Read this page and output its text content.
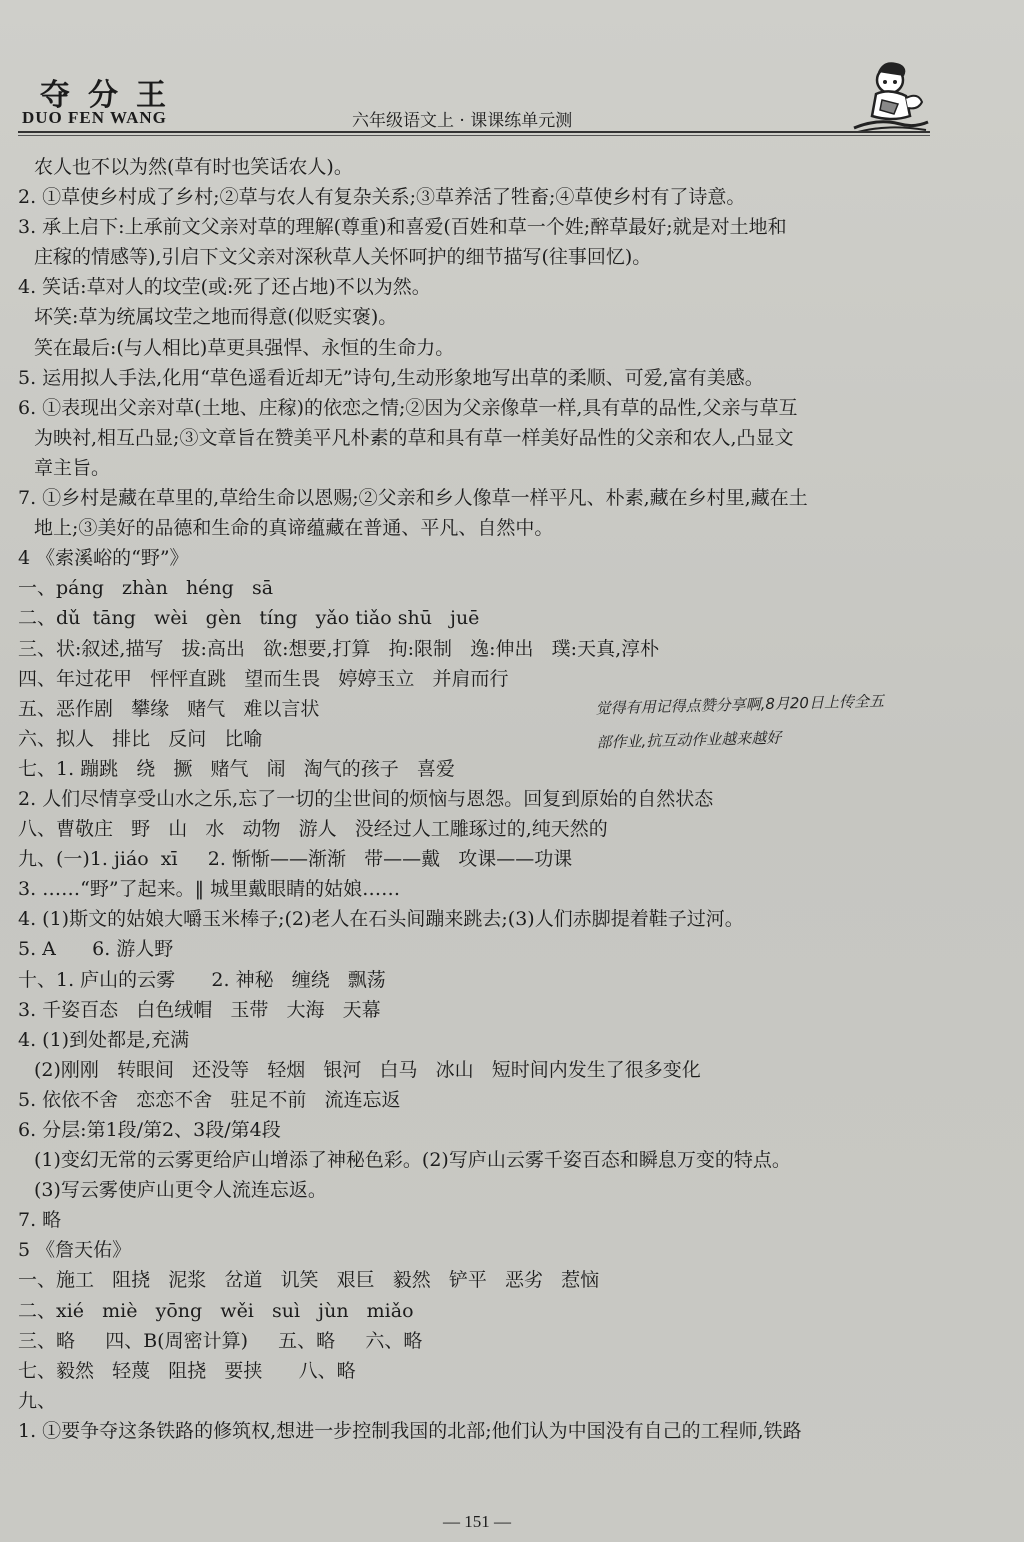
夺分王
DUO FEN WANG	六年级语文上 · 课课练单元测
农人也不以为然(草有时也笑话农人)。
2. ①草使乡村成了乡村;②草与农人有复杂关系;③草养活了牲畜;④草使乡村有了诗意。
3. 承上启下:上承前文父亲对草的理解(尊重)和喜爱(百姓和草一个姓;醉草最好;就是对土地和
庄稼的情感等),引启下文父亲对深秋草人关怀呵护的细节描写(往事回忆)。
4. 笑话:草对人的坟茔(或:死了还占地)不以为然。
坏笑:草为统属坟茔之地而得意(似贬实褒)。
笑在最后:(与人相比)草更具强悍、永恒的生命力。
5. 运用拟人手法,化用“草色遥看近却无”诗句,生动形象地写出草的柔顺、可爱,富有美感。
6. ①表现出父亲对草(土地、庄稼)的依恋之情;②因为父亲像草一样,具有草的品性,父亲与草互
为映衬,相互凸显;③文章旨在赞美平凡朴素的草和具有草一样美好品性的父亲和农人,凸显文
章主旨。
7. ①乡村是藏在草里的,草给生命以恩赐;②父亲和乡人像草一样平凡、朴素,藏在乡村里,藏在土
地上;③美好的品德和生命的真谛蕴藏在普通、平凡、自然中。
4 《索溪峪的“野”》
一、páng   zhàn   héng   sā
二、dǔ  tāng   wèi   gèn   tíng   yǎo tiǎo shū   juē
三、状:叙述,描写   拔:高出   欲:想要,打算   拘:限制   逸:伸出   璞:天真,淳朴
四、年过花甲   怦怦直跳   望而生畏   婷婷玉立   并肩而行
五、恶作剧   攀缘   赌气   难以言状
六、拟人   排比   反问   比喻
七、1. 蹦跳   绕   撅   赌气   闹   淘气的孩子   喜爱
2. 人们尽情享受山水之乐,忘了一切的尘世间的烦恼与恩怨。回复到原始的自然状态
八、曹敬庄   野   山   水   动物   游人   没经过人工雕琢过的,纯天然的
九、(一)1. jiáo  xī     2. 惭惭——渐渐   带——戴   攻课——功课
3. ……“野”了起来。‖ 城里戴眼睛的姑娘……
4. (1)斯文的姑娘大嚼玉米棒子;(2)老人在石头间蹦来跳去;(3)人们赤脚提着鞋子过河。
5. A      6. 游人野
十、1. 庐山的云雾      2. 神秘   缠绕   飘荡
3. 千姿百态   白色绒帽   玉带   大海   天幕
4. (1)到处都是,充满
(2)刚刚   转眼间   还没等   轻烟   银河   白马   冰山   短时间内发生了很多变化
5. 依依不舍   恋恋不舍   驻足不前   流连忘返
6. 分层:第1段/第2、3段/第4段
(1)变幻无常的云雾更给庐山增添了神秘色彩。(2)写庐山云雾千姿百态和瞬息万变的特点。
(3)写云雾使庐山更令人流连忘返。
7. 略
5 《詹天佑》
一、施工   阻挠   泥浆   岔道   讥笑   艰巨   毅然   铲平   恶劣   惹恼
二、xié   miè   yōng   wěi   suì   jùn   miǎo
三、略     四、B(周密计算)     五、略     六、略
七、毅然   轻蔑   阻挠   要挟      八、略
九、
1. ①要争夺这条铁路的修筑权,想进一步控制我国的北部;他们认为中国没有自己的工程师,铁路
觉得有用记得点赞分享啊,8月20日上传全五
部作业,抗互动作业越来越好
— 151 —
